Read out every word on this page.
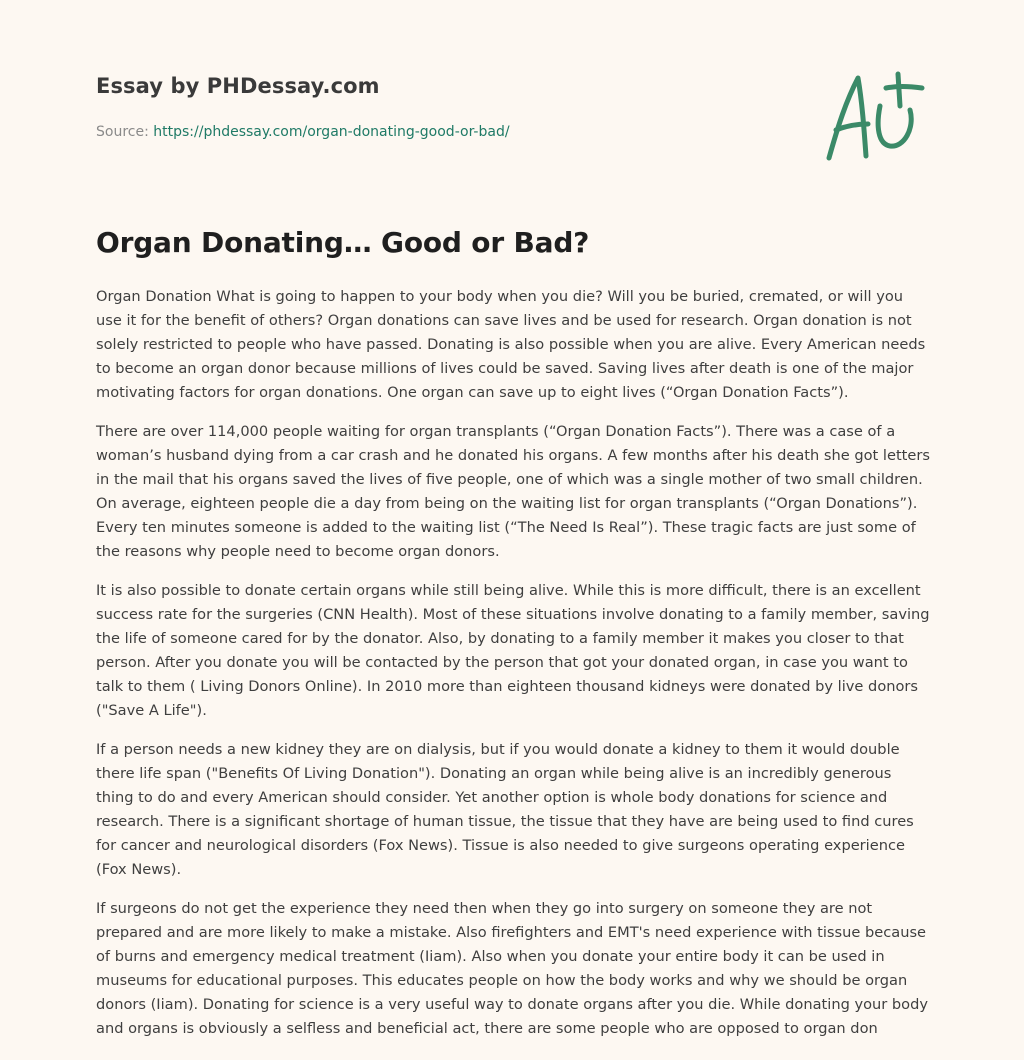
Essay by PHDessay.com
Source: https://phdessay.com/organ-donating-good-or-bad/
Organ Donating… Good or Bad?

Organ Donation What is going to happen to your body when you die? Will you be buried, cremated, or will you use it for the benefit of others? Organ donations can save lives and be used for research. Organ donation is not solely restricted to people who have passed. Donating is also possible when you are alive. Every American needs to become an organ donor because millions of lives could be saved. Saving lives after death is one of the major motivating factors for organ donations. One organ can save up to eight lives (“Organ Donation Facts”).

There are over 114,000 people waiting for organ transplants (“Organ Donation Facts”). There was a case of a woman’s husband dying from a car crash and he donated his organs. A few months after his death she got letters in the mail that his organs saved the lives of five people, one of which was a single mother of two small children. On average, eighteen people die a day from being on the waiting list for organ transplants (“Organ Donations”). Every ten minutes someone is added to the waiting list (“The Need Is Real”). These tragic facts are just some of the reasons why people need to become organ donors.

It is also possible to donate certain organs while still being alive. While this is more difficult, there is an excellent success rate for the surgeries (CNN Health). Most of these situations involve donating to a family member, saving the life of someone cared for by the donator. Also, by donating to a family member it makes you closer to that person. After you donate you will be contacted by the person that got your donated organ, in case you want to talk to them ( Living Donors Online). In 2010 more than eighteen thousand kidneys were donated by live donors ("Save A Life").

If a person needs a new kidney they are on dialysis, but if you would donate a kidney to them it would double there life span ("Benefits Of Living Donation"). Donating an organ while being alive is an incredibly generous thing to do and every American should consider. Yet another option is whole body donations for science and research. There is a significant shortage of human tissue, the tissue that they have are being used to find cures for cancer and neurological disorders (Fox News). Tissue is also needed to give surgeons operating experience (Fox News).

If surgeons do not get the experience they need then when they go into surgery on someone they are not prepared and are more likely to make a mistake. Also firefighters and EMT's need experience with tissue because of burns and emergency medical treatment (Iiam). Also when you donate your entire body it can be used in museums for educational purposes. This educates people on how the body works and why we should be organ donors (Iiam). Donating for science is a very useful way to donate organs after you die. While donating your body and organs is obviously a selfless and beneficial act, there are some people who are opposed to organ don
